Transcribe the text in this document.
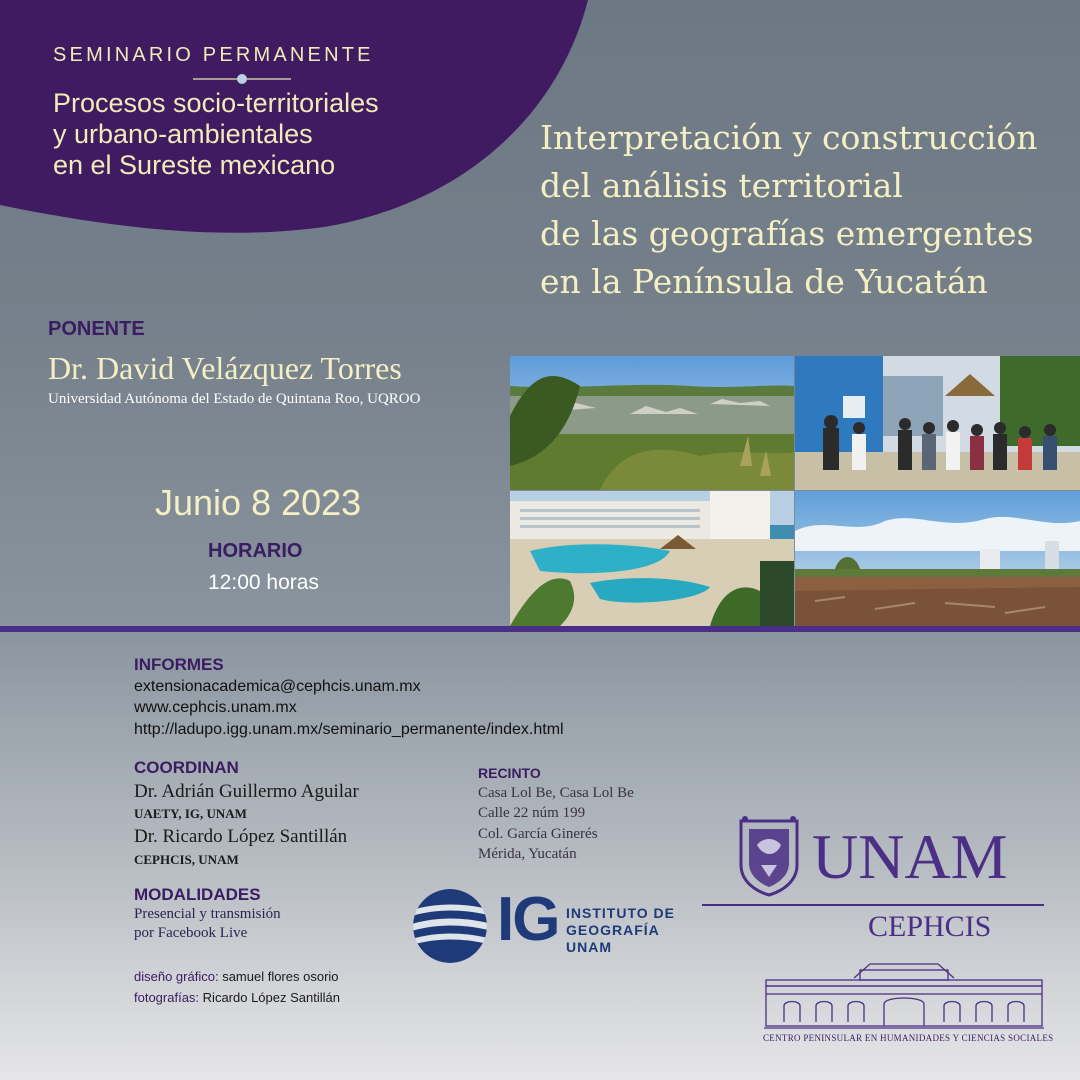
SEMINARIO PERMANENTE
Procesos socio-territoriales
y urbano-ambientales
en el Sureste mexicano
Interpretación y construcción
del análisis territorial
de las geografías emergentes
en la Península de Yucatán
PONENTE
Dr. David Velázquez Torres
Universidad Autónoma del Estado de Quintana Roo, UQROO
Junio 8 2023
HORARIO
12:00 horas
INFORMES
extensionacademica@cephcis.unam.mx
www.cephcis.unam.mx
http://ladupo.igg.unam.mx/seminario_permanente/index.html
COORDINAN
Dr. Adrián Guillermo Aguilar
UAETY, IG, UNAM
Dr. Ricardo López Santillán
CEPHCIS, UNAM
MODALIDADES
Presencial y transmisión
por Facebook Live
RECINTO
Casa Lol Be, Casa Lol Be
Calle 22 núm 199
Col. García Ginerés
Mérida, Yucatán
diseño gráfico: samuel flores osorio
fotografías: Ricardo López Santillán
IG INSTITUTO DE
GEOGRAFÍA
UNAM
UNAM
CEPHCIS
CENTRO PENINSULAR EN HUMANIDADES Y CIENCIAS SOCIALES
